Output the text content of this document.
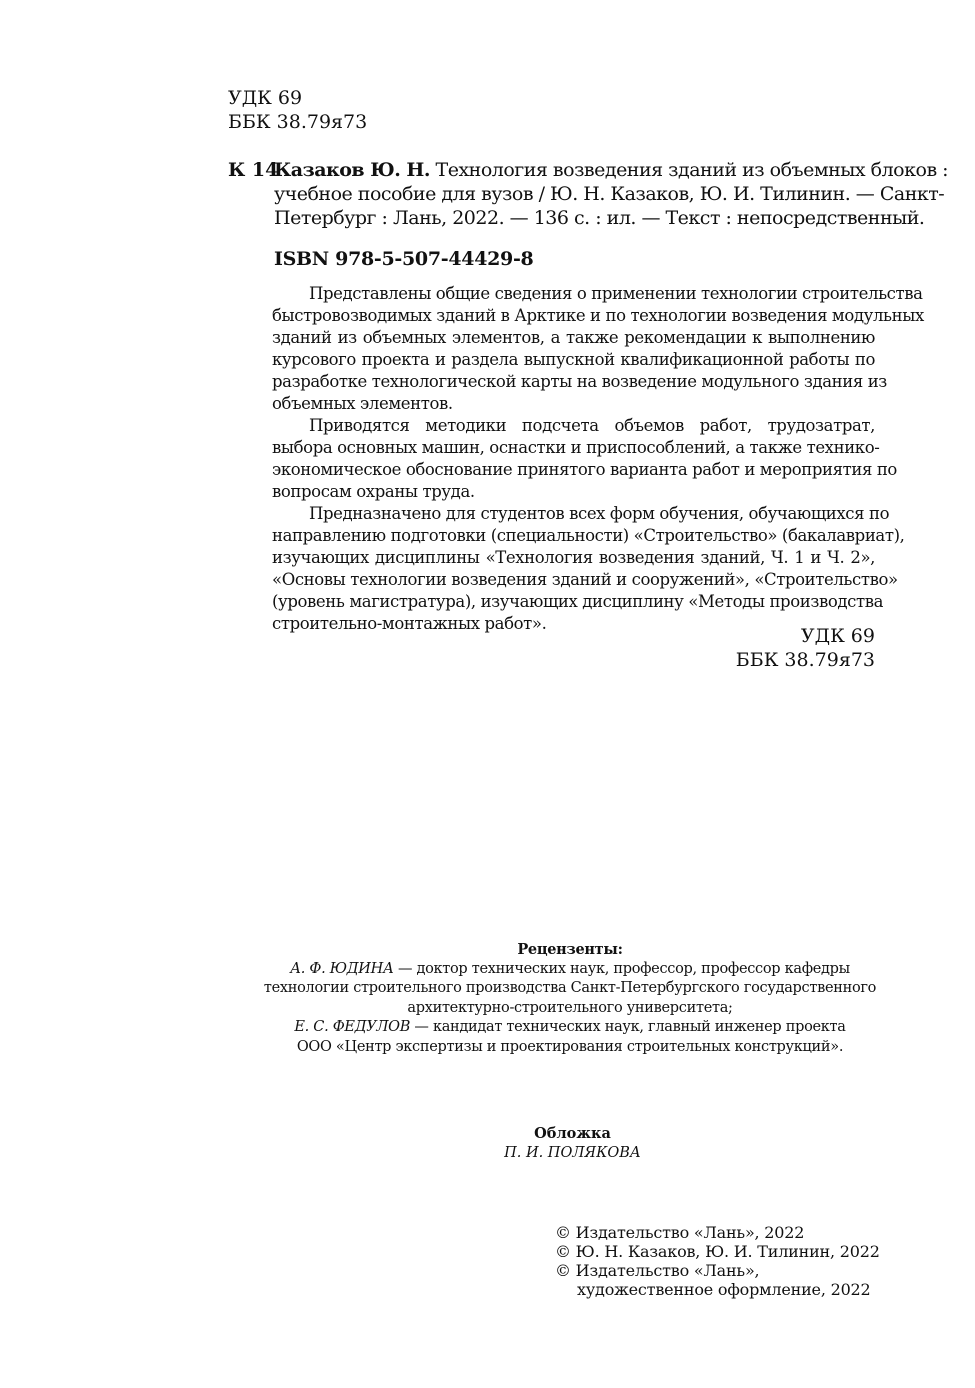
УДК 69
ББК 38.79я73
К 14
Казаков Ю. Н. Технология возведения зданий из объемных блоков :
учебное пособие для вузов / Ю. Н. Казаков, Ю. И. Тилинин. — Санкт-
Петербург : Лань, 2022. — 136 с. : ил. — Текст : непосредственный.
ISBN 978-5-507-44429-8
Представлены общие сведения о применении технологии строительства
быстровозводимых зданий в Арктике и по технологии возведения модульных
зданий из объемных элементов, а также рекомендации к выполнению
курсового проекта и раздела выпускной квалификационной работы по
разработке технологической карты на возведение модульного здания из
объемных элементов.
Приводятся методики подсчета объемов работ, трудозатрат,
выбора основных машин, оснастки и приспособлений, а также технико-
экономическое обоснование принятого варианта работ и мероприятия по
вопросам охраны труда.
Предназначено для студентов всех форм обучения, обучающихся по
направлению подготовки (специальности) «Строительство» (бакалавриат),
изучающих дисциплины «Технология возведения зданий, Ч. 1 и Ч. 2»,
«Основы технологии возведения зданий и сооружений», «Строительство»
(уровень магистратура), изучающих дисциплину «Методы производства
строительно-монтажных работ».
УДК 69
ББК 38.79я73
Рецензенты:
А. Ф. ЮДИНА — доктор технических наук, профессор, профессор кафедры
технологии строительного производства Санкт-Петербургского государственного
архитектурно-строительного университета;
Е. С. ФЕДУЛОВ — кандидат технических наук, главный инженер проекта
ООО «Центр экспертизы и проектирования строительных конструкций».
Обложка
П. И. ПОЛЯКОВА
© Издательство «Лань», 2022
© Ю. Н. Казаков, Ю. И. Тилинин, 2022
© Издательство «Лань»,
художественное оформление, 2022
